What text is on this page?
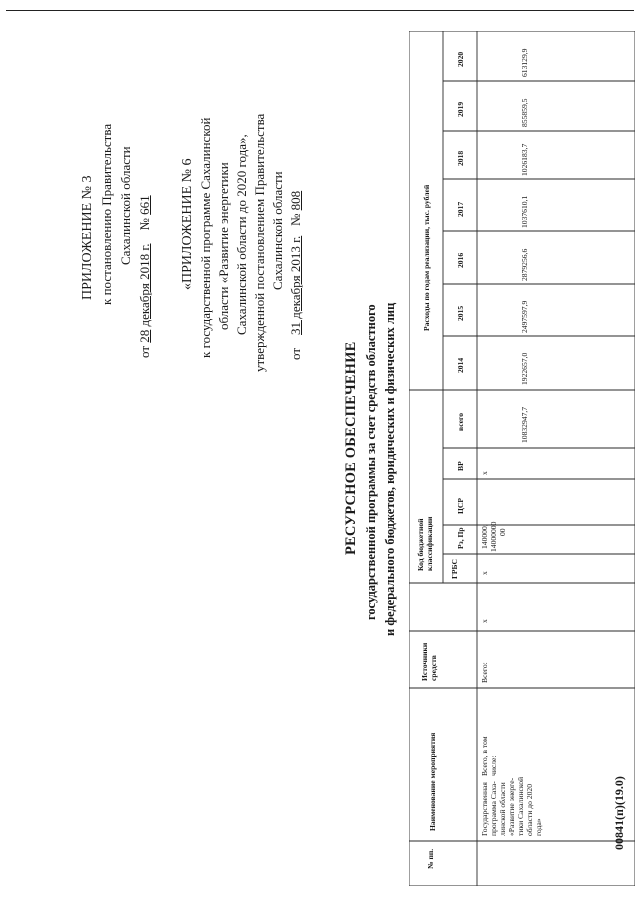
ПРИЛОЖЕНИЕ № 3 к постановлению Правительства Сахалинской области
от 28 декабря 2018 г.    № 661 «ПРИЛОЖЕНИЕ № 6 к государственной программе Сахалинской области «Развитие энергетики Сахалинской области до 2020 года», утвержденной постановлением Правительства Сахалинской области
от    31 декабря 2013 г.   № 808
РЕСУРСНОЕ ОБЕСПЕЧЕНИЕ государственной программы за счет средств областного и федерального бюджетов, юридических и физических лиц
№ пп.
Наименование мероприятия
Источники средств
Код бюджетной классификации ГРБС
Рз, Пр
ЦСР
ВР
Расходы по годам реализации, тыс. рублей
всего
2014
2015
2016
2017
2018
2019
2020
Государственная программа Саха- линской области «Развитие энерге- тики Сахалинской области до 2020 года»
Всего, в том числе:
Всего:
x
x
140000; 14000000 00
x
10832947,7
1922657,0
2497597,9
2879256,6
1037610,1
1026183,7
855859,5
613129,9
00841(п)(19.0)
